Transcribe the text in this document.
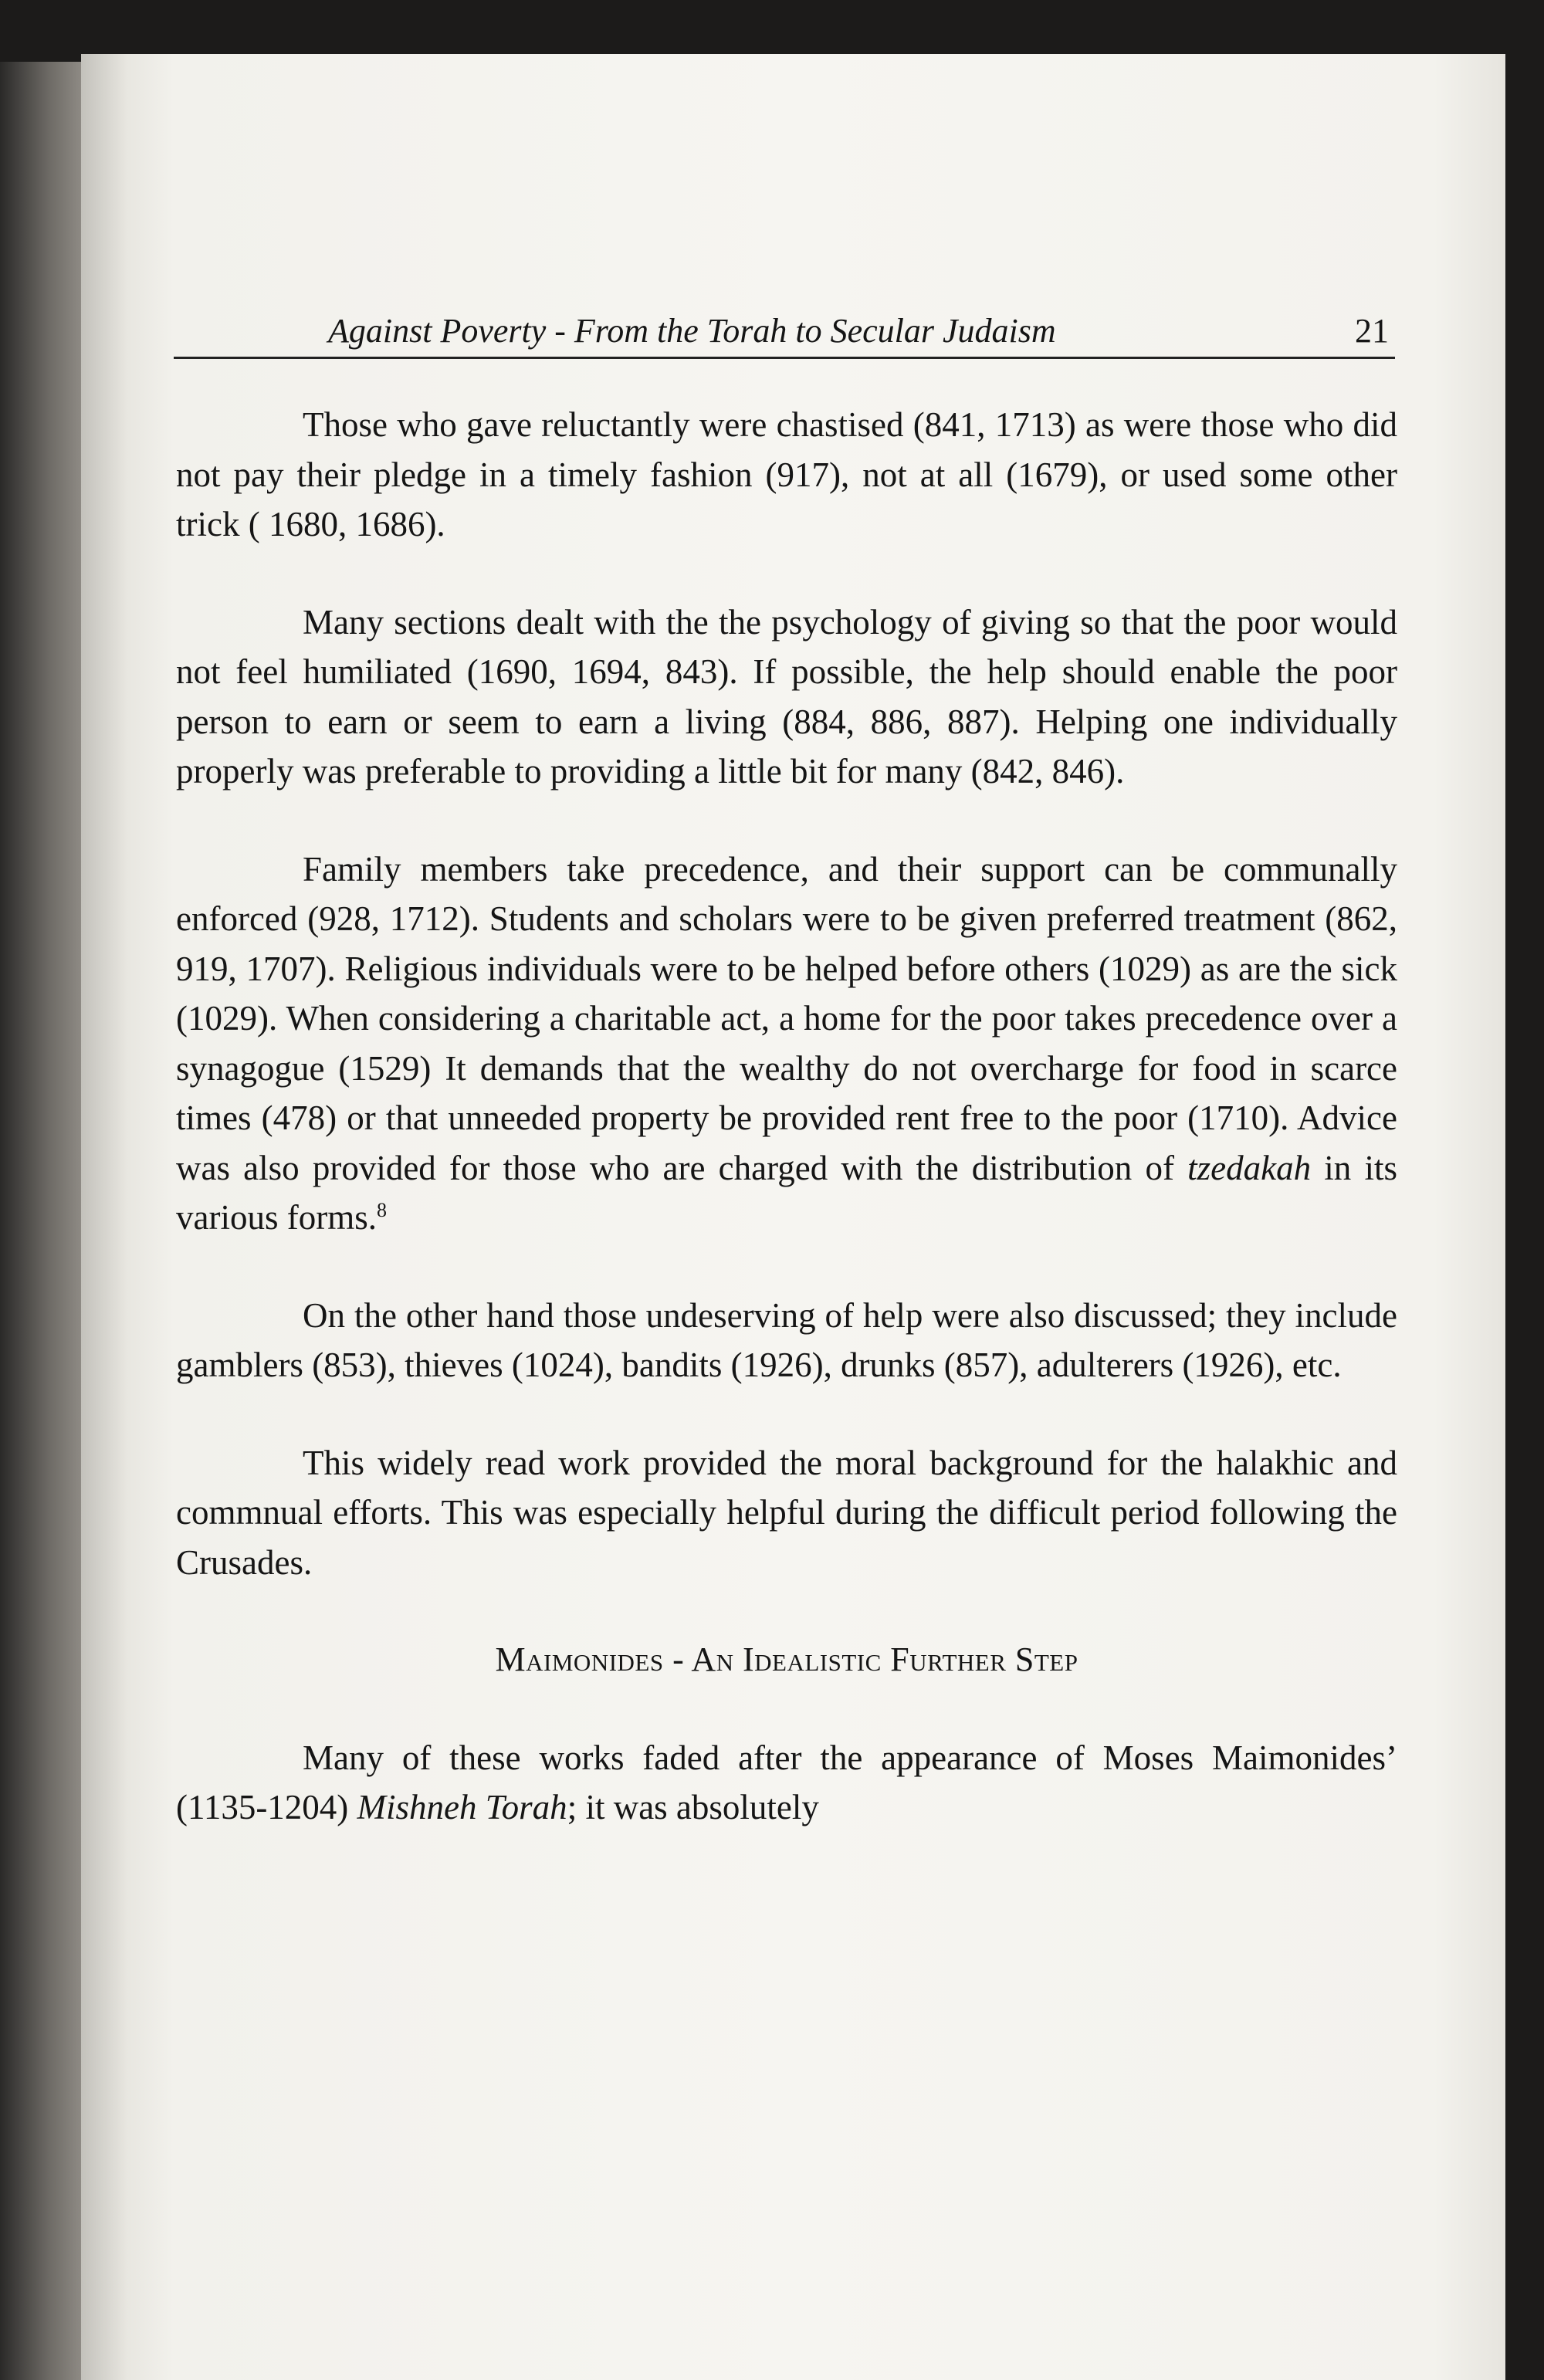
Against Poverty - From the Torah to Secular Judaism	21

Those who gave reluctantly were chastised (841, 1713) as were those who did not pay their pledge in a timely fashion (917), not at all (1679), or used some other trick ( 1680, 1686).

Many sections dealt with the the psychology of giving so that the poor would not feel humiliated (1690, 1694, 843). If possible, the help should enable the poor person to earn or seem to earn a living (884, 886, 887). Helping one individually properly was preferable to providing a little bit for many (842, 846).

Family members take precedence, and their support can be communally enforced (928, 1712). Students and scholars were to be given preferred treatment (862, 919, 1707). Religious individuals were to be helped before others (1029) as are the sick (1029). When considering a charitable act, a home for the poor takes precedence over a synagogue (1529) It demands that the wealthy do not overcharge for food in scarce times (478) or that unneeded property be provided rent free to the poor (1710). Advice was also provided for those who are charged with the distribution of tzedakah in its various forms.$^8$

On the other hand those undeserving of help were also discussed; they include gamblers (853), thieves (1024), bandits (1926), drunks (857), adulterers (1926), etc.

This widely read work provided the moral background for the halakhic and commnual efforts. This was especially helpful during the difficult period following the Crusades.

Maimonides - An Idealistic Further Step

Many of these works faded after the appearance of Moses Maimonides’ (1135-1204) Mishneh Torah; it was absolutely
